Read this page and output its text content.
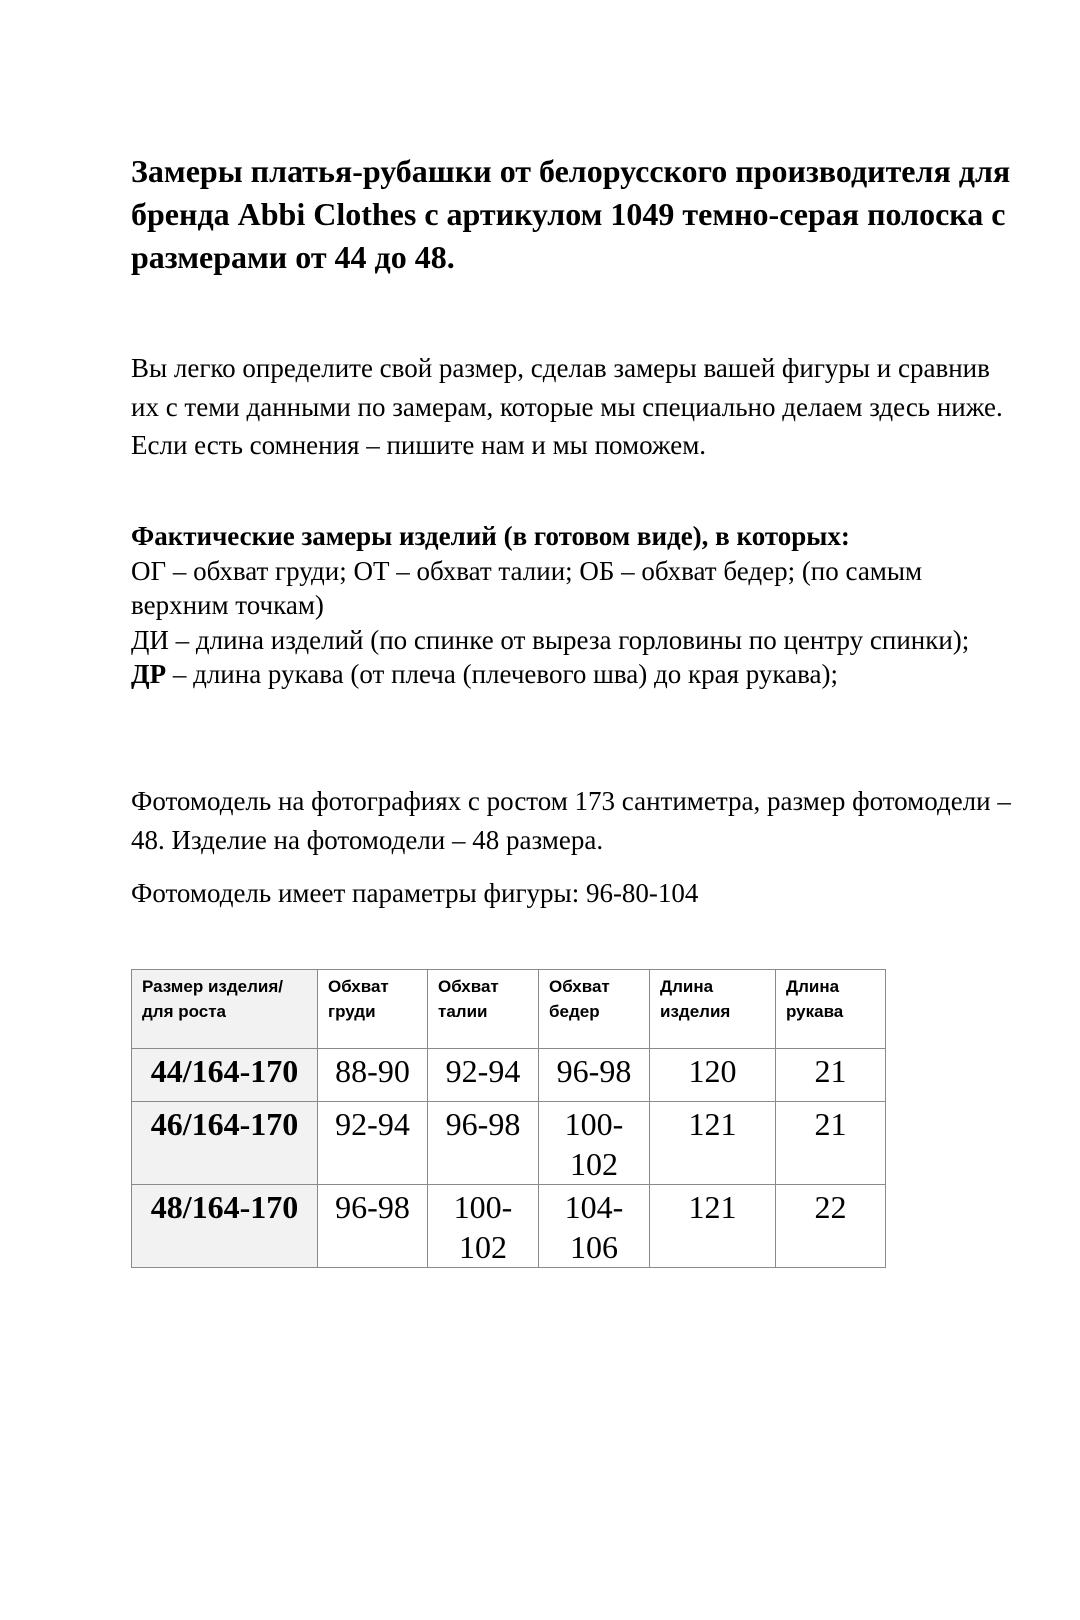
Замеры платья-рубашки от белорусского производителя для бренда Abbi Clothes с артикулом 1049 темно-серая полоска с размерами от 44 до 48.

Вы легко определите свой размер, сделав замеры вашей фигуры и сравнив их с теми данными по замерам, которые мы специально делаем здесь ниже. Если есть сомнения – пишите нам и мы поможем.

Фактические замеры изделий (в готовом виде), в которых:
ОГ – обхват груди; ОТ – обхват талии; ОБ – обхват бедер; (по самым верхним точкам)
ДИ – длина изделий (по спинке от выреза горловины по центру спинки);
ДР – длина рукава (от плеча (плечевого шва) до края рукава);

Фотомодель на фотографиях с ростом 173 сантиметра, размер фотомодели – 48. Изделие на фотомодели – 48 размера.

Фотомодель имеет параметры фигуры: 96-80-104

Размер изделия/для роста	Обхват груди	Обхват талии	Обхват бедер	Длина изделия	Длина рукава
44/164-170	88-90	92-94	96-98	120	21
46/164-170	92-94	96-98	100-102	121	21
48/164-170	96-98	100-102	104-106	121	22
